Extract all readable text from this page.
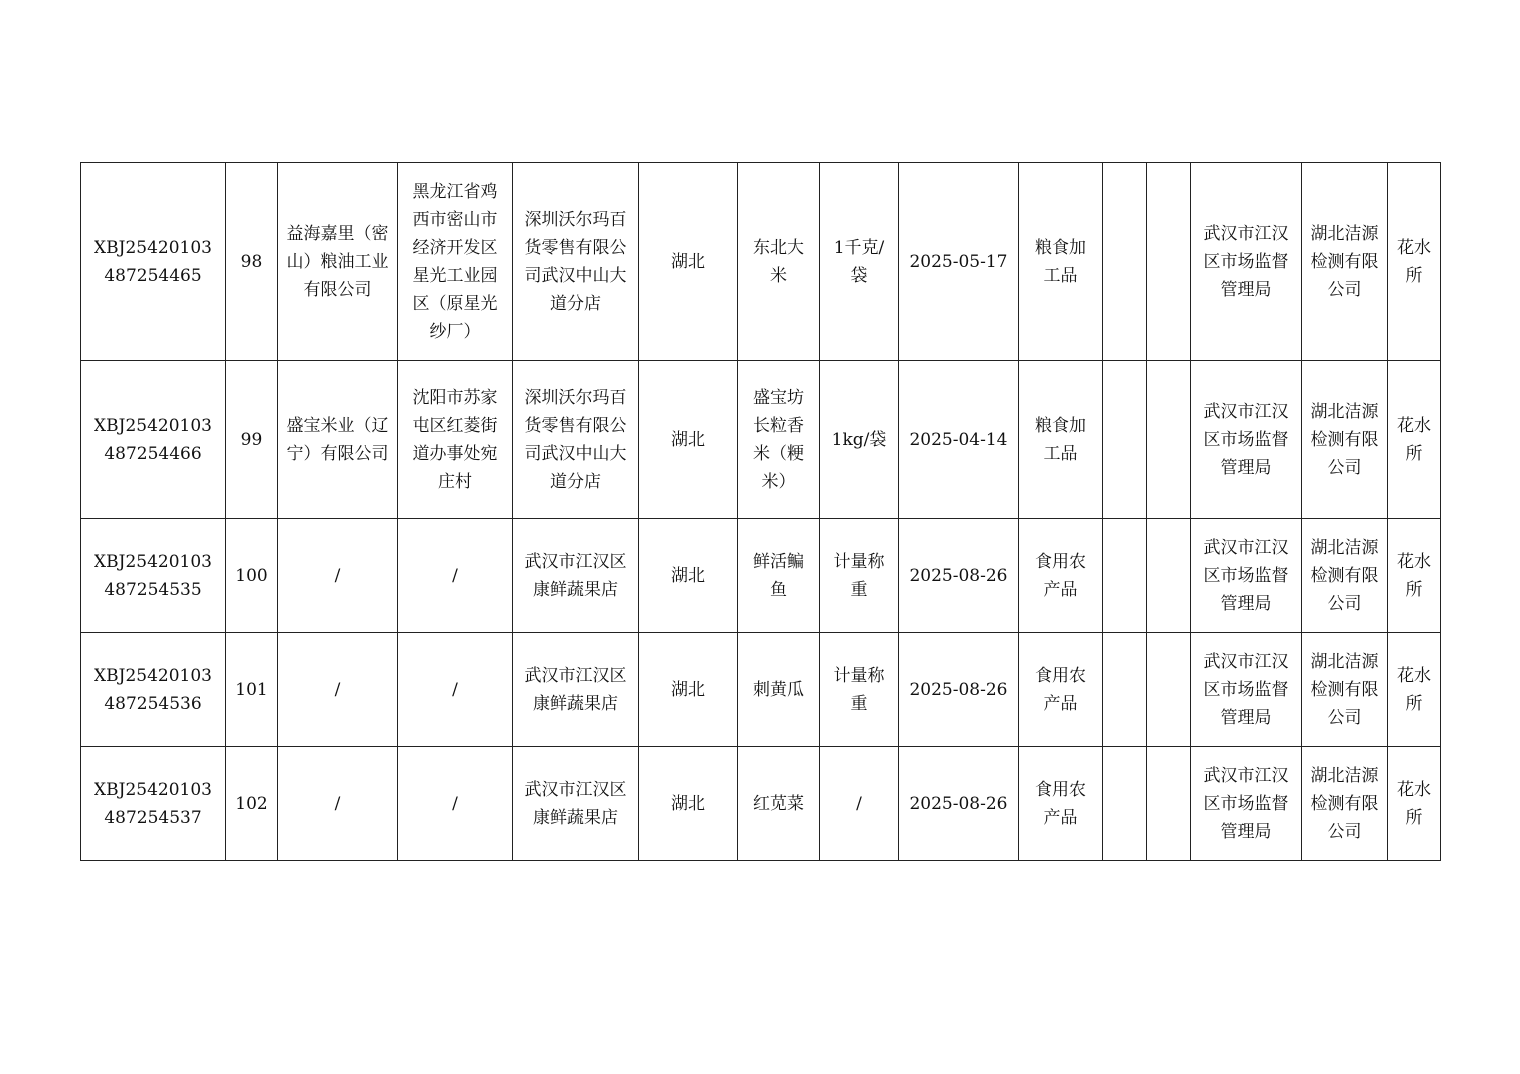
XBJ25420103487254465	98	益海嘉里（密山）粮油工业有限公司	黑龙江省鸡西市密山市经济开发区星光工业园区（原星光纱厂）	深圳沃尔玛百货零售有限公司武汉中山大道分店	湖北	东北大米	1千克/袋	2025-05-17	粮食加工品			武汉市江汉区市场监督管理局	湖北洁源检测有限公司	花水所
XBJ25420103487254466	99	盛宝米业（辽宁）有限公司	沈阳市苏家屯区红菱街道办事处宛庄村	深圳沃尔玛百货零售有限公司武汉中山大道分店	湖北	盛宝坊长粒香米（粳米）	1kg/袋	2025-04-14	粮食加工品			武汉市江汉区市场监督管理局	湖北洁源检测有限公司	花水所
XBJ25420103487254535	100	/	/	武汉市江汉区康鲜蔬果店	湖北	鲜活鳊鱼	计量称重	2025-08-26	食用农产品			武汉市江汉区市场监督管理局	湖北洁源检测有限公司	花水所
XBJ25420103487254536	101	/	/	武汉市江汉区康鲜蔬果店	湖北	刺黄瓜	计量称重	2025-08-26	食用农产品			武汉市江汉区市场监督管理局	湖北洁源检测有限公司	花水所
XBJ25420103487254537	102	/	/	武汉市江汉区康鲜蔬果店	湖北	红苋菜	/	2025-08-26	食用农产品			武汉市江汉区市场监督管理局	湖北洁源检测有限公司	花水所
